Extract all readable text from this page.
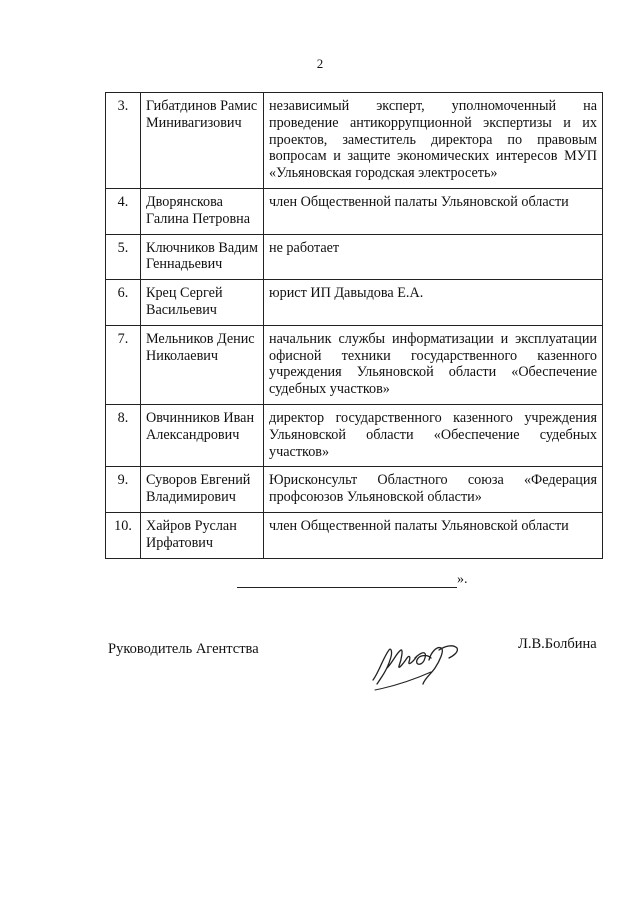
2
3.	Гибатдинов Рамис Минивагизович	независимый эксперт, уполномоченный на проведение антикоррупционной экспертизы и их проектов, заместитель директора по правовым вопросам и защите экономических интересов МУП «Ульяновская городская электросеть»
4.	Дворянскова Галина Петровна	член Общественной палаты Ульяновской области
5.	Ключников Вадим Геннадьевич	не работает
6.	Крец Сергей Васильевич	юрист ИП Давыдова Е.А.
7.	Мельников Денис Николаевич	начальник службы информатизации и эксплуатации офисной техники государственного казенного учреждения Ульяновской области «Обеспечение судебных участков»
8.	Овчинников Иван Александрович	директор государственного казенного учреждения Ульяновской области «Обеспечение судебных участков»
9.	Суворов Евгений Владимирович	Юрисконсульт Областного союза «Федерация профсоюзов Ульяновской области»
10.	Хайров Руслан Ирфатович	член Общественной палаты Ульяновской области
».
Руководитель Агентства	Л.В.Болбина
